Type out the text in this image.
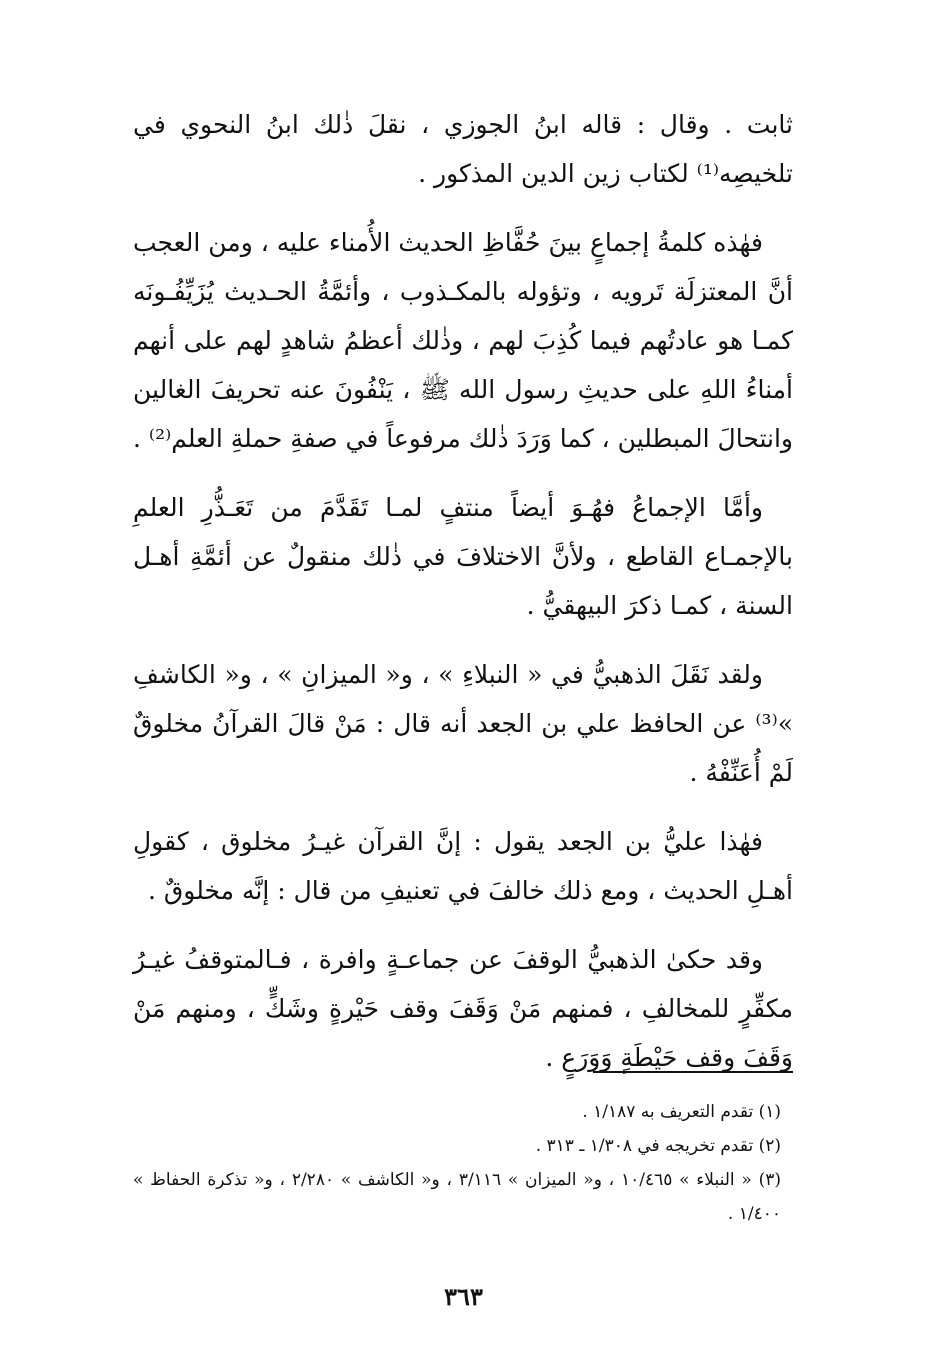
ثابت . وقال : قاله ابنُ الجوزي ، نقلَ ذٰلك ابنُ النحوي في تلخيصِه⁽¹⁾ لكتاب زين الدين المذكور .

فهٰذه كلمةُ إجماعٍ بينَ حُفَّاظِ الحديث الأُمناء عليه ، ومن العجب أنَّ المعتزلَة تَرويه ، وتؤوله بالمكـذوب ، وأئمَّةُ الحـديث يُزَيِّفُـونَه كمـا هو عادتُهم فيما كُذِبَ لهم ، وذٰلك أعظمُ شاهدٍ لهم على أنهم أمناءُ اللهِ على حديثِ رسول الله ﷺ ، يَنْفُونَ عنه تحريفَ الغالين وانتحالَ المبطلين ، كما وَرَدَ ذٰلك مرفوعاً في صفةِ حملةِ العلم⁽²⁾ .

وأمَّا الإجماعُ فهُـوَ أيضاً منتفٍ لمـا تَقَدَّمَ من تَعَـذُّرِ العلمِ بالإجمـاع القاطع ، ولأنَّ الاختلافَ في ذٰلك منقولٌ عن أئمَّةِ أهـل السنة ، كمـا ذكرَ البيهقيُّ .

ولقد نَقَلَ الذهبيُّ في « النبلاءِ » ، و« الميزانِ » ، و« الكاشفِ »⁽³⁾ عن الحافظ علي بن الجعد أنه قال : مَنْ قالَ القرآنُ مخلوقٌ لَمْ أُعَنِّفْهُ .

فهٰذا عليُّ بن الجعد يقول : إنَّ القرآن غيـرُ مخلوق ، كقولِ أهـلِ الحديث ، ومع ذلك خالفَ في تعنيفِ من قال : إنَّه مخلوقٌ .

وقد حكىٰ الذهبيُّ الوقفَ عن جماعـةٍ وافرة ، فـالمتوقفُ غيـرُ مكفِّرٍ للمخالفِ ، فمنهم مَنْ وَقَفَ وقف حَيْرةٍ وشَكٍّ ، ومنهم مَنْ وَقَفَ وقف حَيْطَةٍ وَوَرَعٍ .

(١) تقدم التعريف به ١/١٨٧ .

(٢) تقدم تخريجه في ١/٣٠٨ ـ ٣١٣ .

(٣) « النبلاء » ١٠/٤٦٥ ، و« الميزان » ٣/١١٦ ، و« الكاشف » ٢/٢٨٠ ، و« تذكرة الحفاظ » ١/٤٠٠ .

٣٦٣
